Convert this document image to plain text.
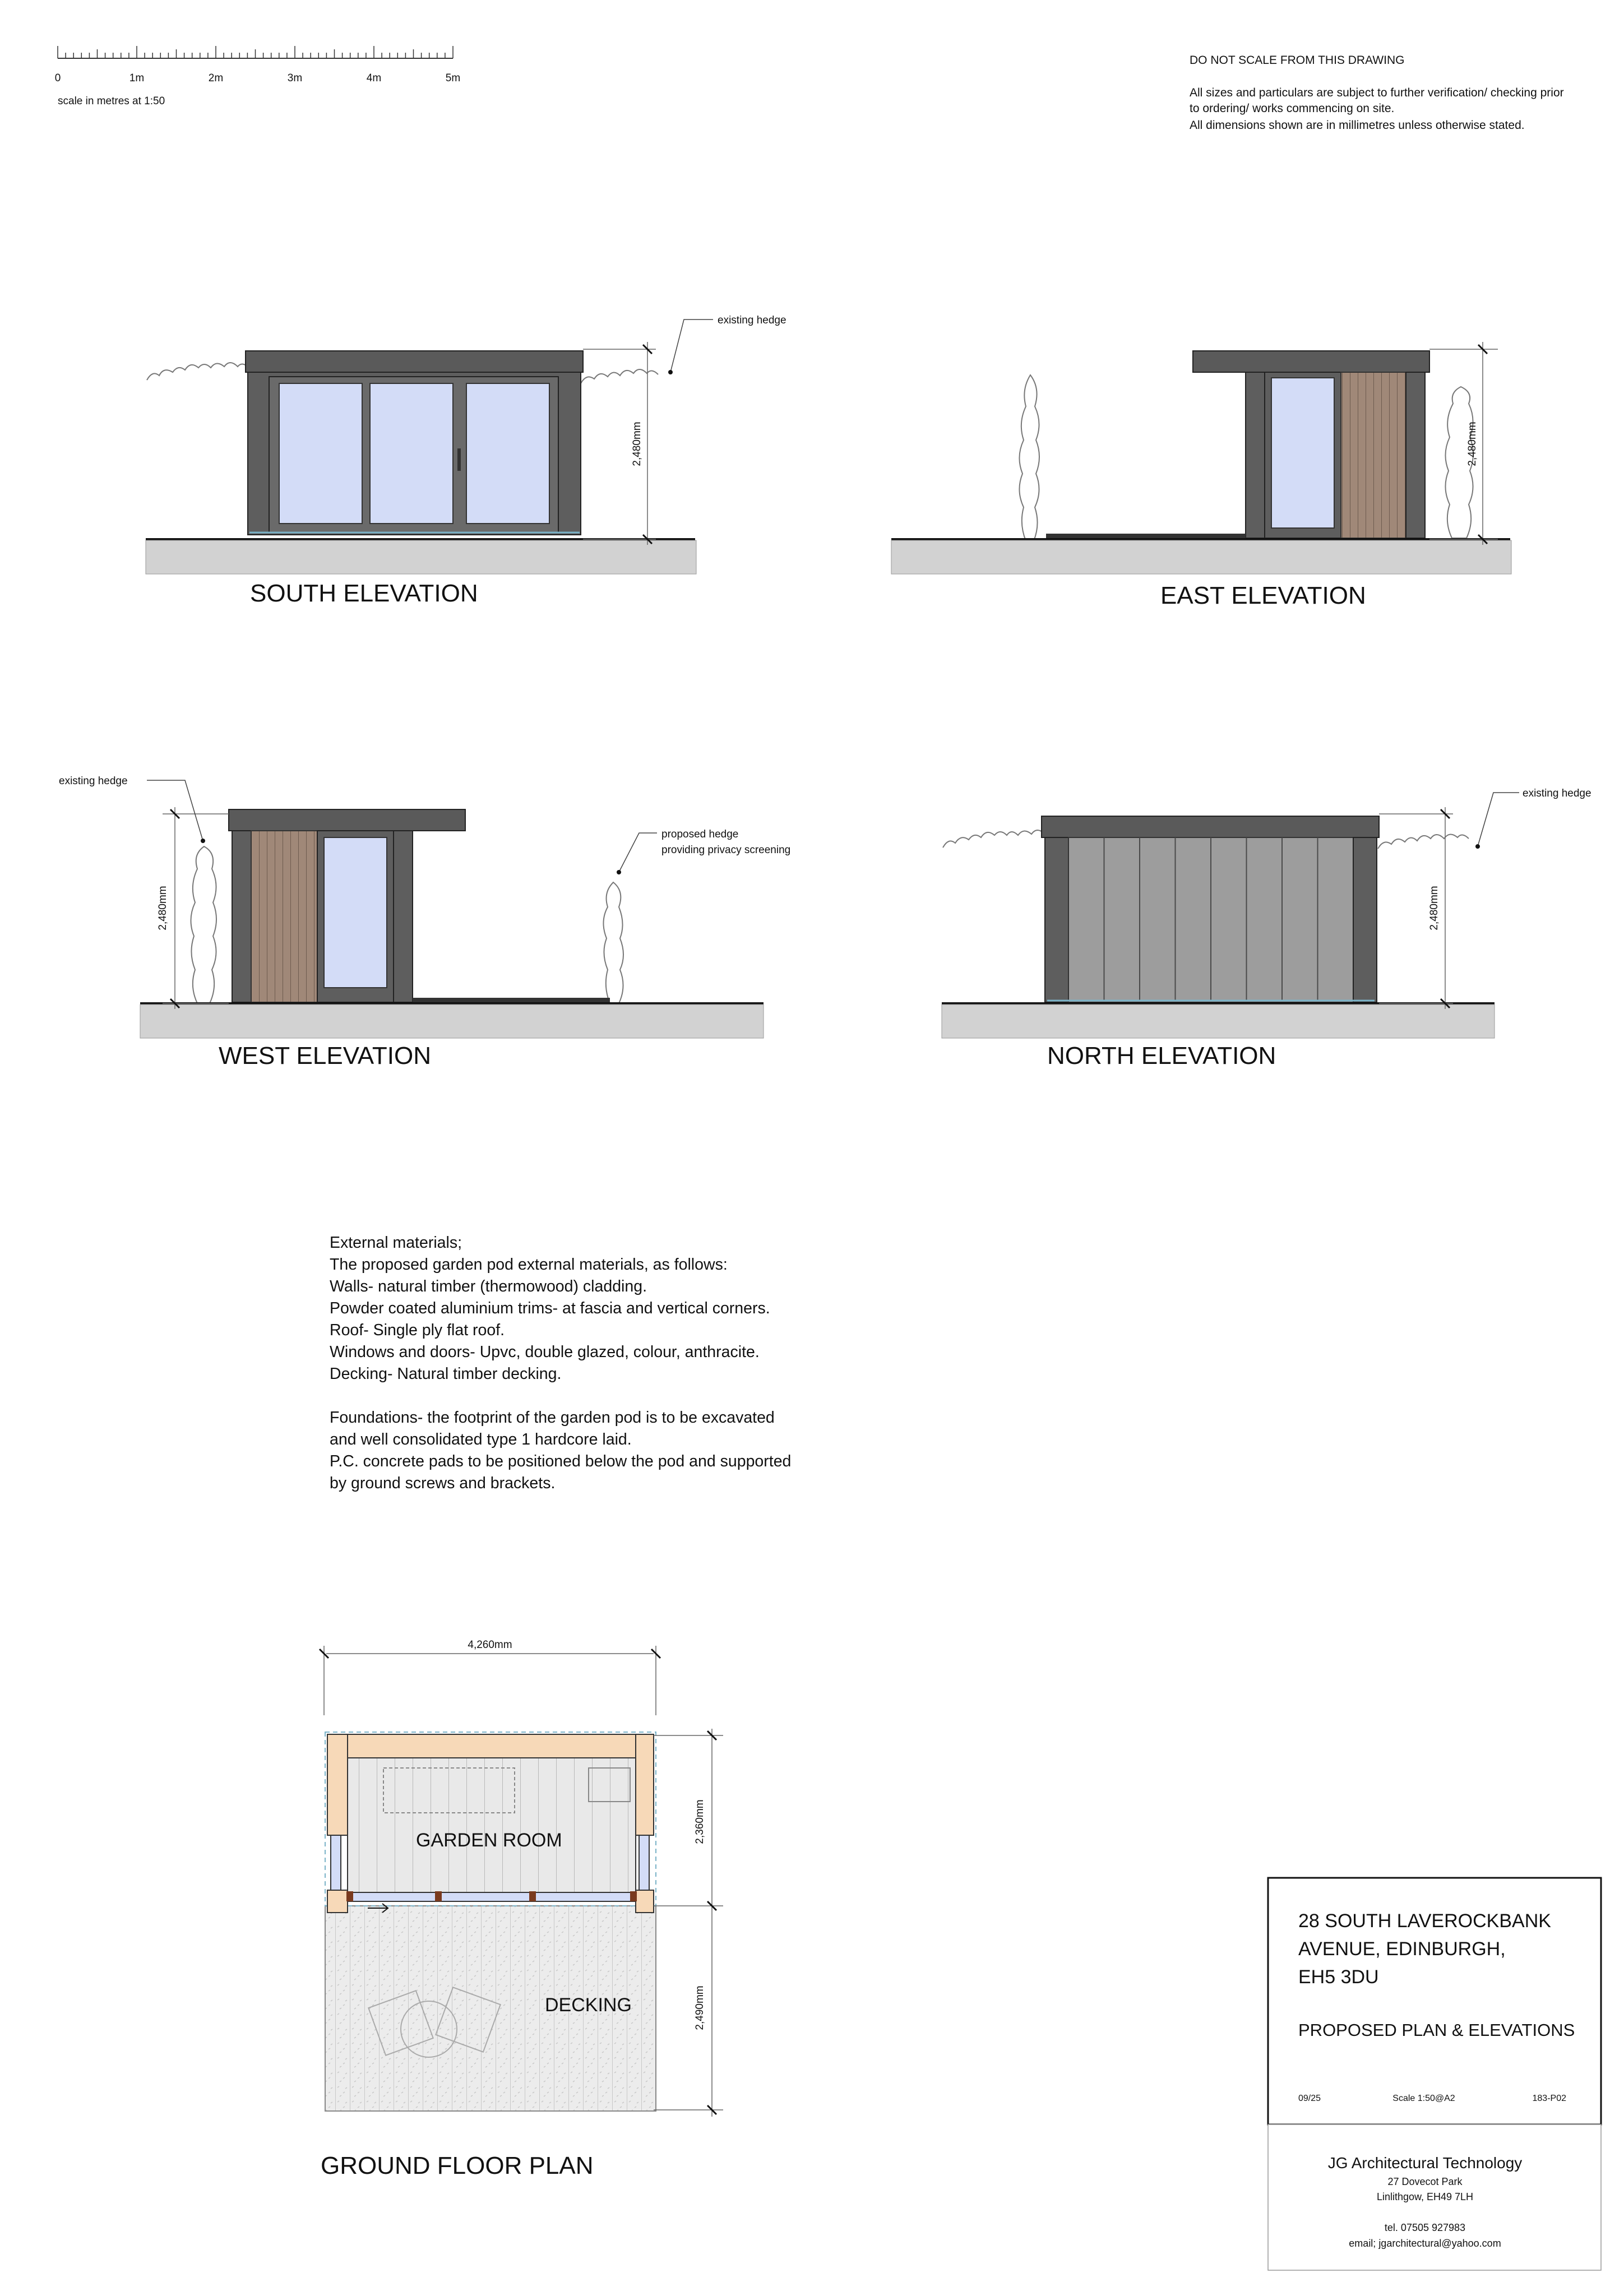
0	1m	2m	3m	4m	5m
scale in metres at 1:50
DO NOT SCALE FROM THIS DRAWING
All sizes and particulars are subject to further verification/ checking prior
to ordering/ works commencing on site.
All dimensions shown are in millimetres unless otherwise stated.
2,480mm
existing hedge
SOUTH ELEVATION
2,480mm
EAST ELEVATION
2,480mm
existing hedge
proposed hedge
providing privacy screening
WEST ELEVATION
2,480mm
existing hedge
NORTH ELEVATION
External materials;
The proposed garden pod external materials, as follows:
Walls- natural timber (thermowood) cladding.
Powder coated aluminium trims- at fascia and vertical corners.
Roof- Single ply flat roof.
Windows and doors- Upvc, double glazed, colour, anthracite.
Decking- Natural timber decking.
Foundations- the footprint of the garden pod is to be excavated
and well consolidated type 1 hardcore laid.
P.C. concrete pads to be positioned below the pod and supported
by ground screws and brackets.
4,260mm
DECKING
GARDEN ROOM	2,360mm
2,490mm
GROUND FLOOR PLAN
28 SOUTH LAVEROCKBANK
AVENUE, EDINBURGH,
EH5 3DU
PROPOSED PLAN & ELEVATIONS
09/25	Scale 1:50@A2	183-P02
JG Architectural Technology
27 Dovecot Park
Linlithgow, EH49 7LH
tel. 07505 927983
email; jgarchitectural@yahoo.com
